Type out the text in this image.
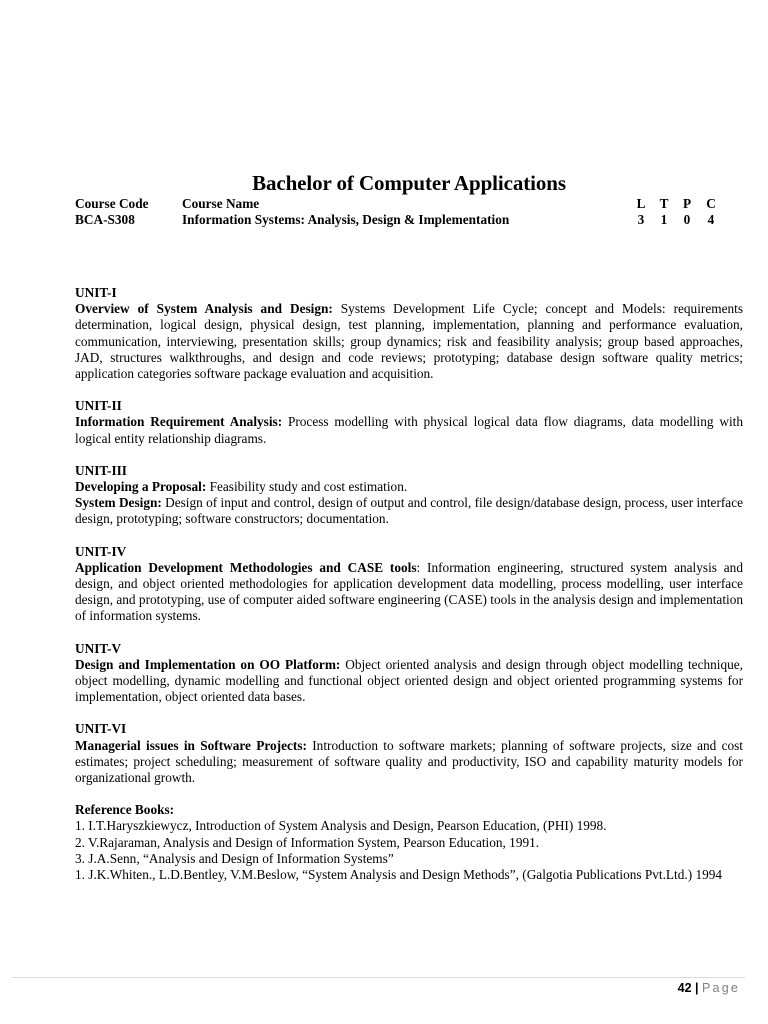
Bachelor of Computer Applications
Course Code	Course Name	L	T	P	C
BCA-S308	Information Systems: Analysis, Design & Implementation	3	1	0	4
UNIT-I
Overview of System Analysis and Design: Systems Development Life Cycle; concept and Models: requirements determination, logical design, physical design, test planning, implementation, planning and performance evaluation, communication, interviewing, presentation skills; group dynamics; risk and feasibility analysis; group based approaches, JAD, structures walkthroughs, and design and code reviews; prototyping; database design software quality metrics; application categories software package evaluation and acquisition.
UNIT-II
Information Requirement Analysis: Process modelling with physical logical data flow diagrams, data modelling with logical entity relationship diagrams.
UNIT-III
Developing a Proposal: Feasibility study and cost estimation.
System Design: Design of input and control, design of output and control, file design/database design, process, user interface design, prototyping; software constructors; documentation.
UNIT-IV
Application Development Methodologies and CASE tools: Information engineering, structured system analysis and design, and object oriented methodologies for application development data modelling, process modelling, user interface design, and prototyping, use of computer aided software engineering (CASE) tools in the analysis design and implementation of information systems.
UNIT-V
Design and Implementation on OO Platform: Object oriented analysis and design through object modelling technique, object modelling, dynamic modelling and functional object oriented design and object oriented programming systems for implementation, object oriented data bases.
UNIT-VI
Managerial issues in Software Projects: Introduction to software markets; planning of software projects, size and cost estimates; project scheduling; measurement of software quality and productivity, ISO and capability maturity models for organizational growth.
Reference Books:
1. I.T.Haryszkiewycz, Introduction of System Analysis and Design, Pearson Education, (PHI) 1998.
2. V.Rajaraman, Analysis and Design of Information System, Pearson Education, 1991.
3. J.A.Senn, “Analysis and Design of Information Systems”
1. J.K.Whiten., L.D.Bentley, V.M.Beslow, “System Analysis and Design Methods”, (Galgotia Publications Pvt.Ltd.) 1994
42 | Page
